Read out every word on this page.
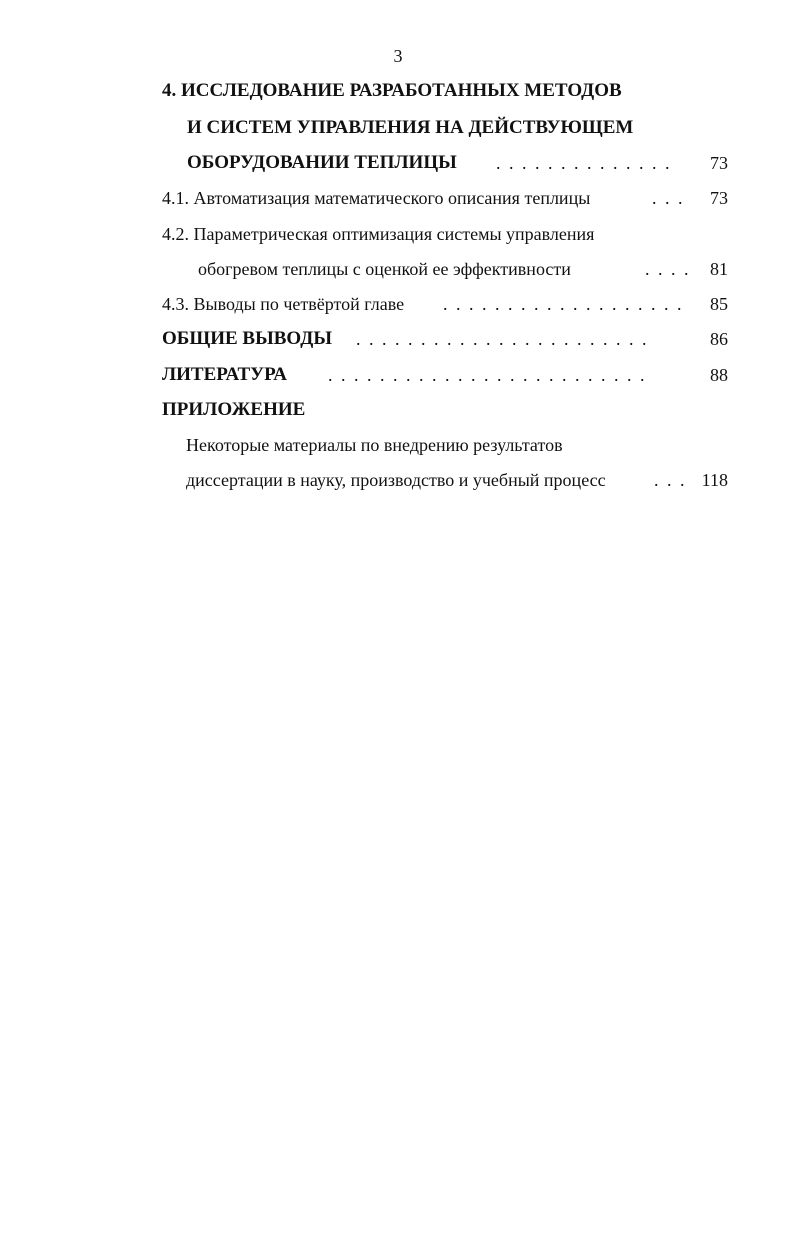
3
4. ИССЛЕДОВАНИЕ РАЗРАБОТАННЫХ МЕТОДОВ
И СИСТЕМ УПРАВЛЕНИЯ НА ДЕЙСТВУЮЩЕМ
ОБОРУДОВАНИИ ТЕПЛИЦЫ . . . . . . . . . . . . . . 73
4.1. Автоматизация математического описания теплицы	. . . 73
4.2. Параметрическая оптимизация системы управления
обогревом теплицы с оценкой ее эффективности	. . . . 81
4.3. Выводы по четвёртой главе . . . . . . . . . . . . . . . . . . . 85
ОБЩИЕ ВЫВОДЫ . . . . . . . . . . . . . . . . . . . . . . .	86
ЛИТЕРАТУРА . . . . . . . . . . . . . . . . . . . . . . . . .	88
ПРИЛОЖЕНИЕ
Некоторые материалы по внедрению результатов
диссертации в науку, производство и учебный процесс	. . . 118
